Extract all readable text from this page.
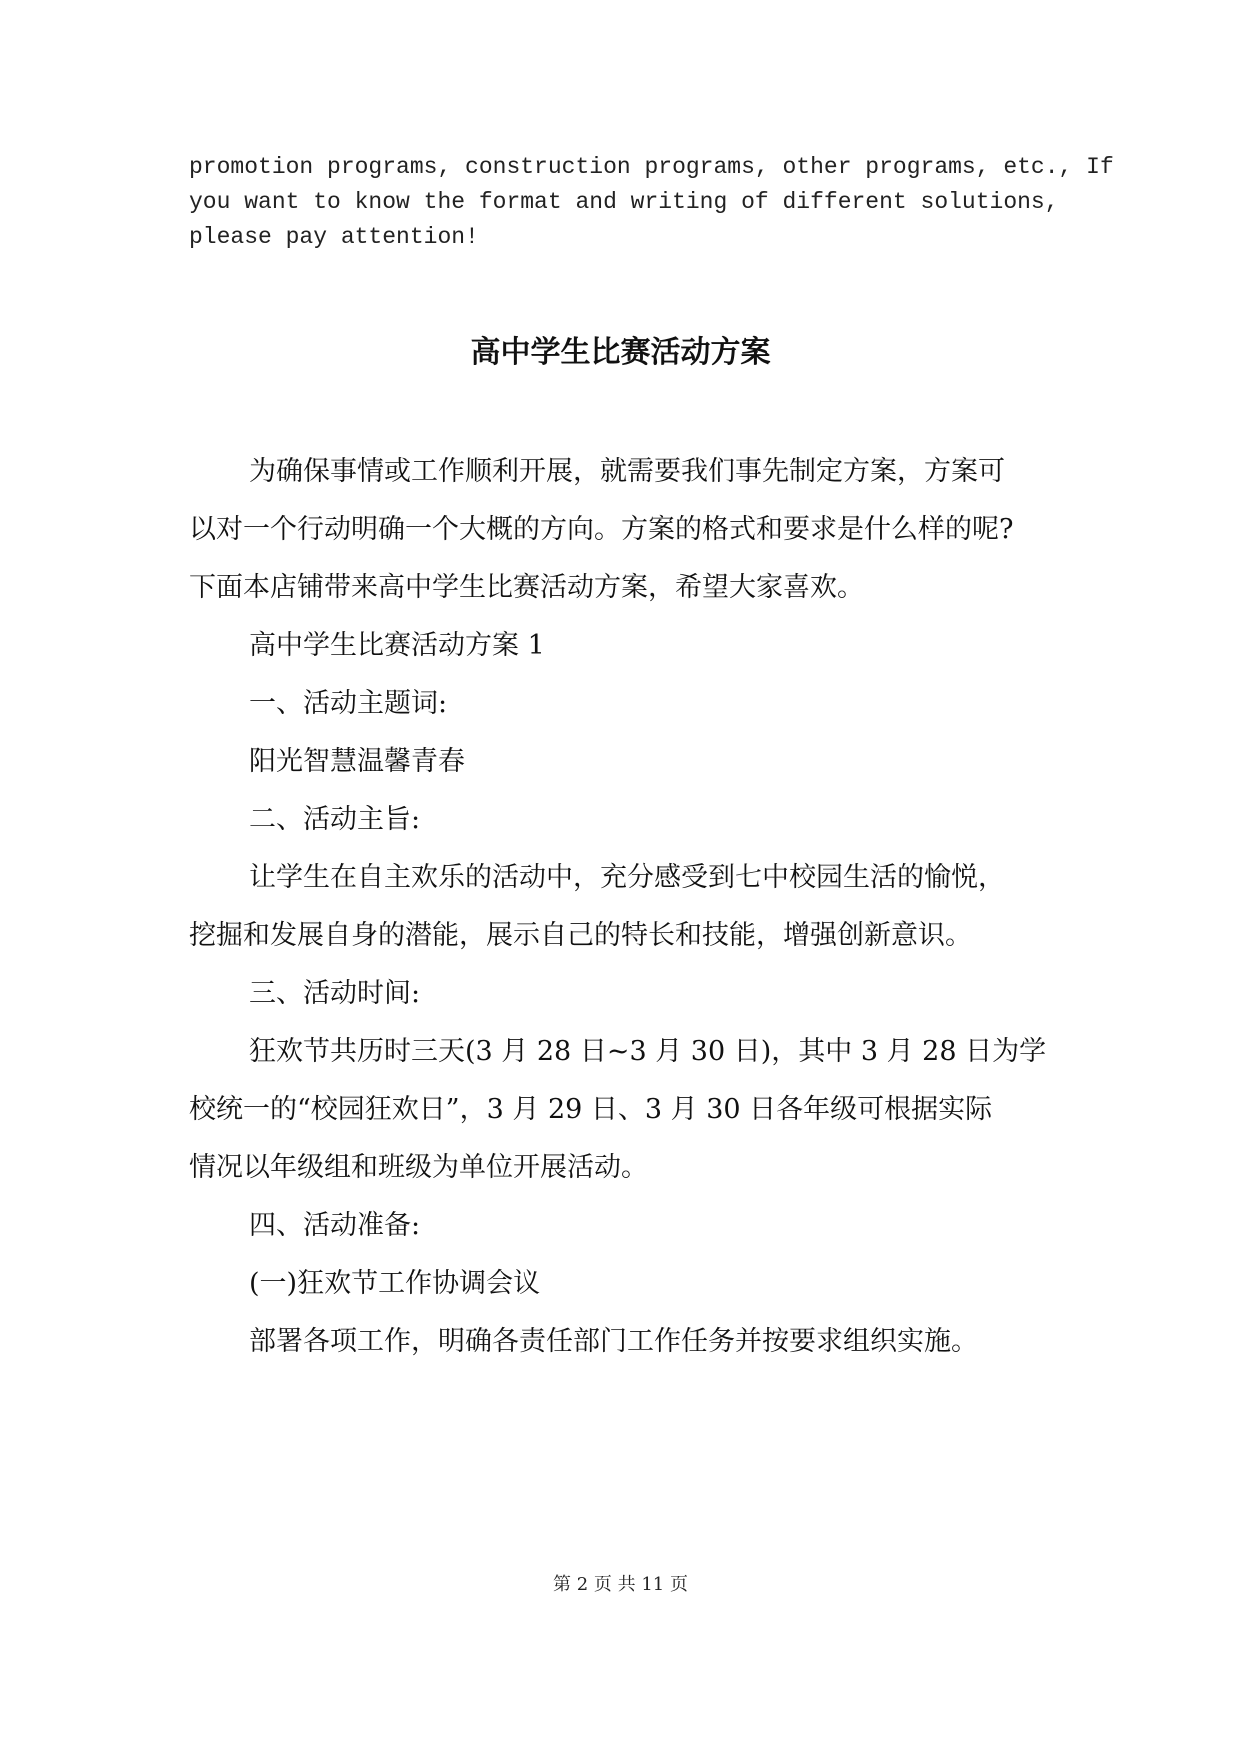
promotion programs, construction programs, other programs, etc., If
you want to know the format and writing of different solutions,
please pay attention!
高中学生比赛活动方案

为确保事情或工作顺利开展，就需要我们事先制定方案，方案可

以对一个行动明确一个大概的方向。方案的格式和要求是什么样的呢?

下面本店铺带来高中学生比赛活动方案，希望大家喜欢。

高中学生比赛活动方案 1

一、活动主题词:

阳光智慧温馨青春

二、活动主旨:

让学生在自主欢乐的活动中，充分感受到七中校园生活的愉悦，

挖掘和发展自身的潜能，展示自己的特长和技能，增强创新意识。

三、活动时间:

狂欢节共历时三天(3 月 28 日~3 月 30 日)，其中 3 月 28 日为学

校统一的“校园狂欢日”，3 月 29 日、3 月 30 日各年级可根据实际

情况以年级组和班级为单位开展活动。

四、活动准备:

(一)狂欢节工作协调会议

部署各项工作，明确各责任部门工作任务并按要求组织实施。

第 2 页 共 11 页
